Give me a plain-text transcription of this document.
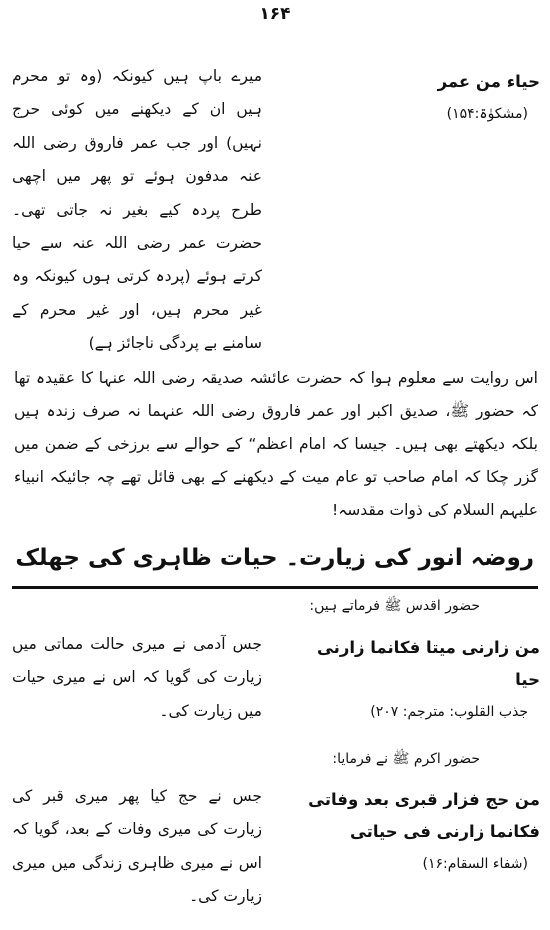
۱۶۴
حیاء من عمر
(مشکوٰۃ:۱۵۴)
میرے باپ ہیں کیونکہ (وہ تو محرم ہیں ان کے دیکھنے میں کوئی حرج نہیں) اور جب عمر فاروق رضی اللہ عنہ مدفون ہوئے تو پھر میں اچھی طرح پردہ کیے بغیر نہ جاتی تھی۔ حضرت عمر رضی اللہ عنہ سے حیا کرتے ہوئے (پردہ کرتی ہوں کیونکہ وہ غیر محرم ہیں، اور غیر محرم کے سامنے بے پردگی ناجائز ہے)
اس روایت سے معلوم ہوا کہ حضرت عائشہ صدیقہ رضی اللہ عنہا کا عقیدہ تھا کہ حضور ﷺ، صدیق اکبر اور عمر فاروق رضی اللہ عنہما نہ صرف زندہ ہیں بلکہ دیکھتے بھی ہیں۔ جیسا کہ امام اعظم“ کے حوالے سے برزخی کے ضمن میں گزر چکا کہ امام صاحب تو عام میت کے دیکھنے کے بھی قائل تھے چہ جائیکہ انبیاء علیہم السلام کی ذوات مقدسہ!
روضہ انور کی زیارت۔ حیات ظاہری کی جھلک
حضور اقدس ﷺ فرماتے ہیں:
من زارنی میتا فکانما زارنی حیا
جذب القلوب: مترجم: ۲۰۷)
جس آدمی نے میری حالت مماتی میں زیارت کی گویا کہ اس نے میری حیات میں زیارت کی۔
حضور اکرم ﷺ نے فرمایا:
من حج فزار قبری بعد وفاتی فکانما زارنی فی حیاتی
(شفاء السقام:۱۶)
جس نے حج کیا پھر میری قبر کی زیارت کی میری وفات کے بعد، گویا کہ اس نے میری ظاہری زندگی میں میری زیارت کی۔
